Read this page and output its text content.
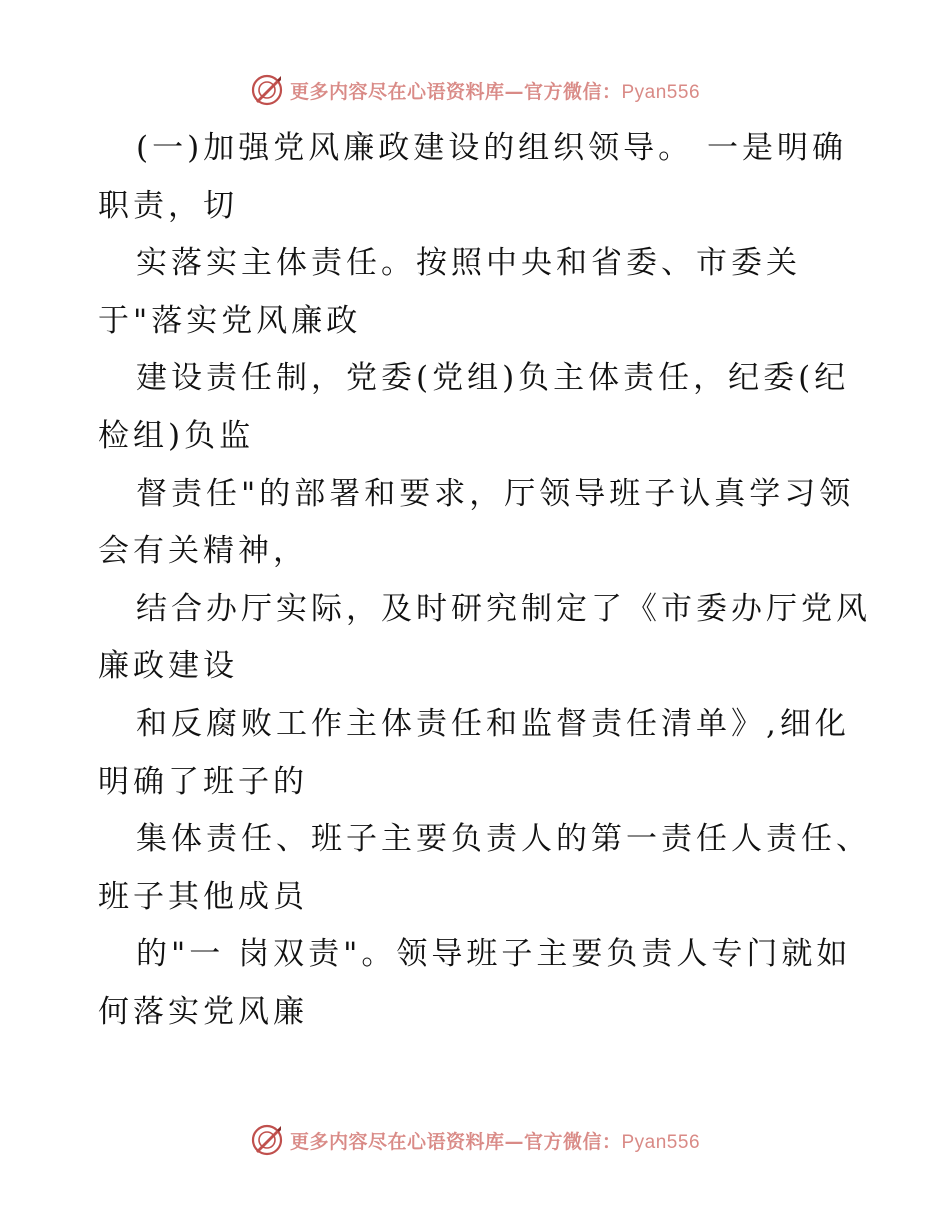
更多内容尽在心语资料库—官方微信：Pyan556
(一)加强党风廉政建设的组织领导。 一是明确
职责，切
实落实主体责任。按照中央和省委、市委关
于"落实党风廉政
建设责任制，党委(党组)负主体责任，纪委(纪
检组)负监
督责任"的部署和要求，厅领导班子认真学习领
会有关精神，
结合办厅实际，及时研究制定了《市委办厅党风
廉政建设
和反腐败工作主体责任和监督责任清单》,细化
明确了班子的
集体责任、班子主要负责人的第一责任人责任、
班子其他成员
的"一 岗双责"。领导班子主要负责人专门就如
何落实党风廉
更多内容尽在心语资料库—官方微信：Pyan556
